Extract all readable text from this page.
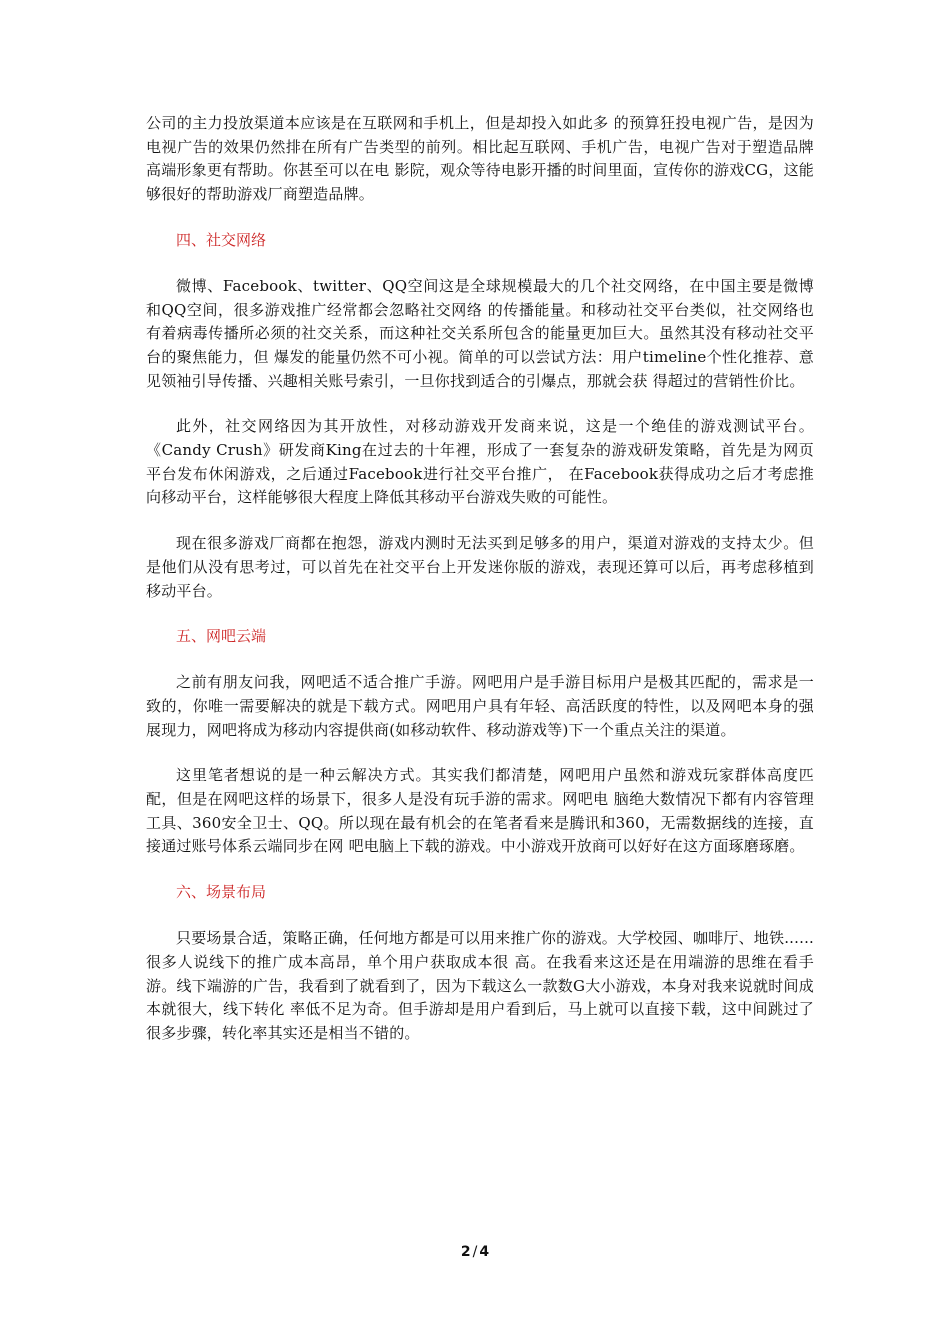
公司的主力投放渠道本应该是在互联网和手机上，但是却投入如此多 的预算狂投电视广告，是因为电视广告的效果仍然排在所有广告类型的前列。相比起互联网、手机广告，电视广告对于塑造品牌高端形象更有帮助。你甚至可以在电 影院，观众等待电影开播的时间里面，宣传你的游戏CG，这能够很好的帮助游戏厂商塑造品牌。

四、社交网络

微博、Facebook、twitter、QQ空间这是全球规模最大的几个社交网络，在中国主要是微博和QQ空间，很多游戏推广经常都会忽略社交网络 的传播能量。和移动社交平台类似，社交网络也有着病毒传播所必须的社交关系，而这种社交关系所包含的能量更加巨大。虽然其没有移动社交平台的聚焦能力，但 爆发的能量仍然不可小视。简单的可以尝试方法：用户timeline个性化推荐、意见领袖引导传播、兴趣相关账号索引，一旦你找到适合的引爆点，那就会获 得超过的营销性价比。

此外，社交网络因为其开放性，对移动游戏开发商来说，这是一个绝佳的游戏测试平台。《Candy Crush》研发商King在过去的十年裡，形成了一套复杂的游戏研发策略，首先是为网页平台发布休闲游戏，之后通过Facebook进行社交平台推广， 在Facebook获得成功之后才考虑推向移动平台，这样能够很大程度上降低其移动平台游戏失败的可能性。

现在很多游戏厂商都在抱怨，游戏内测时无法买到足够多的用户，渠道对游戏的支持太少。但是他们从没有思考过，可以首先在社交平台上开发迷你版的游戏，表现还算可以后，再考虑移植到移动平台。

五、网吧云端

之前有朋友问我，网吧适不适合推广手游。网吧用户是手游目标用户是极其匹配的，需求是一致的，你唯一需要解决的就是下载方式。网吧用户具有年轻、高活跃度的特性，以及网吧本身的强展现力，网吧将成为移动内容提供商(如移动软件、移动游戏等)下一个重点关注的渠道。

这里笔者想说的是一种云解决方式。其实我们都清楚，网吧用户虽然和游戏玩家群体高度匹配，但是在网吧这样的场景下，很多人是没有玩手游的需求。网吧电 脑绝大数情况下都有内容管理工具、360安全卫士、QQ。所以现在最有机会的在笔者看来是腾讯和360，无需数据线的连接，直接通过账号体系云端同步在网 吧电脑上下载的游戏。中小游戏开放商可以好好在这方面琢磨琢磨。

六、场景布局

只要场景合适，策略正确，任何地方都是可以用来推广你的游戏。大学校园、咖啡厅、地铁......很多人说线下的推广成本高昂，单个用户获取成本很 高。在我看来这还是在用端游的思维在看手游。线下端游的广告，我看到了就看到了，因为下载这么一款数G大小游戏，本身对我来说就时间成本就很大，线下转化 率低不足为奇。但手游却是用户看到后，马上就可以直接下载，这中间跳过了很多步骤，转化率其实还是相当不错的。

2 / 4
